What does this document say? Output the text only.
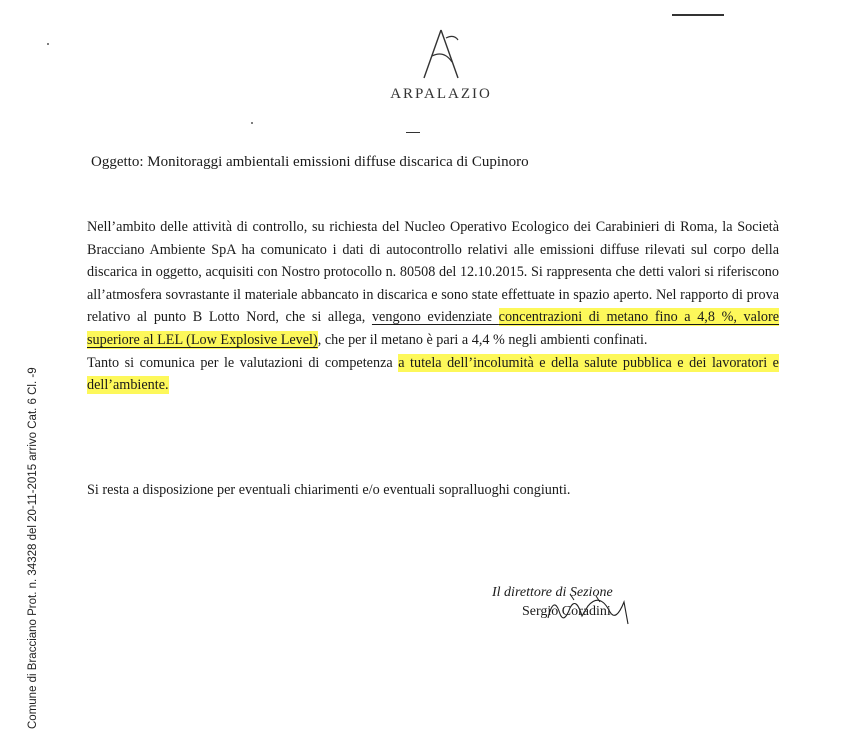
ARPALAZIO
Oggetto: Monitoraggi ambientali emissioni diffuse discarica di Cupinoro

Nell’ambito delle attività di controllo, su richiesta del Nucleo Operativo Ecologico dei Carabinieri di Roma, la Società Bracciano Ambiente SpA ha comunicato i dati di autocontrollo relativi alle emissioni diffuse rilevati sul corpo della discarica in oggetto, acquisiti con Nostro protocollo n. 80508 del 12.10.2015. Si rappresenta che detti valori si riferiscono all’atmosfera sovrastante il materiale abbancato in discarica e sono state effettuate in spazio aperto. Nel rapporto di prova relativo al punto B Lotto Nord, che si allega, vengono evidenziate concentrazioni di metano fino a 4,8 %, valore superiore al LEL (Low Explosive Level), che per il metano è pari a 4,4 % negli ambienti confinati.

Tanto si comunica per le valutazioni di competenza a tutela dell’incolumità e della salute pubblica e dei lavoratori e dell’ambiente.

Si resta a disposizione per eventuali chiarimenti e/o eventuali sopralluoghi congiunti.
Il direttore di Sezione
Sergio Coradini
Comune di Bracciano Prot. n. 34328 del 20-11-2015 arrivo Cat. 6 Cl. -9
